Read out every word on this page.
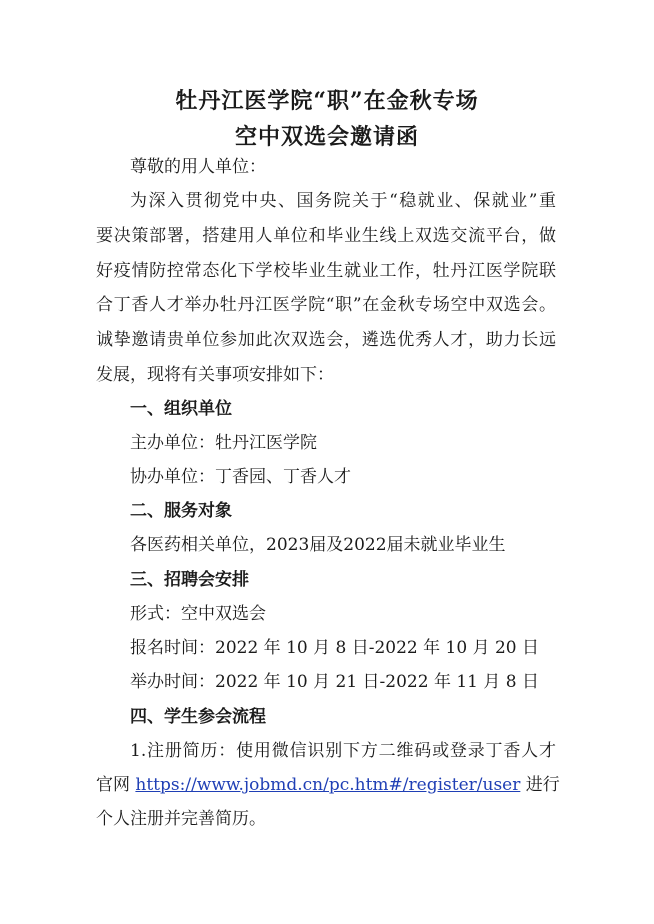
牡丹江医学院“职”在金秋专场
空中双选会邀请函
尊敬的用人单位：
为深入贯彻党中央、国务院关于“稳就业、保就业”重
要决策部署，搭建用人单位和毕业生线上双选交流平台，做
好疫情防控常态化下学校毕业生就业工作，牡丹江医学院联
合丁香人才举办牡丹江医学院“职”在金秋专场空中双选会。
诚挚邀请贵单位参加此次双选会，遴选优秀人才，助力长远
发展，现将有关事项安排如下：
一、组织单位
主办单位：牡丹江医学院
协办单位：丁香园、丁香人才
二、服务对象
各医药相关单位，2023届及2022届未就业毕业生
三、招聘会安排
形式：空中双选会
报名时间：2022 年 10 月 8 日-2022 年 10 月 20 日
举办时间：2022 年 10 月 21 日-2022 年 11 月 8 日
四、学生参会流程
1.注册简历：使用微信识别下方二维码或登录丁香人才
官网 https://www.jobmd.cn/pc.htm#/register/user 进行
个人注册并完善简历。
